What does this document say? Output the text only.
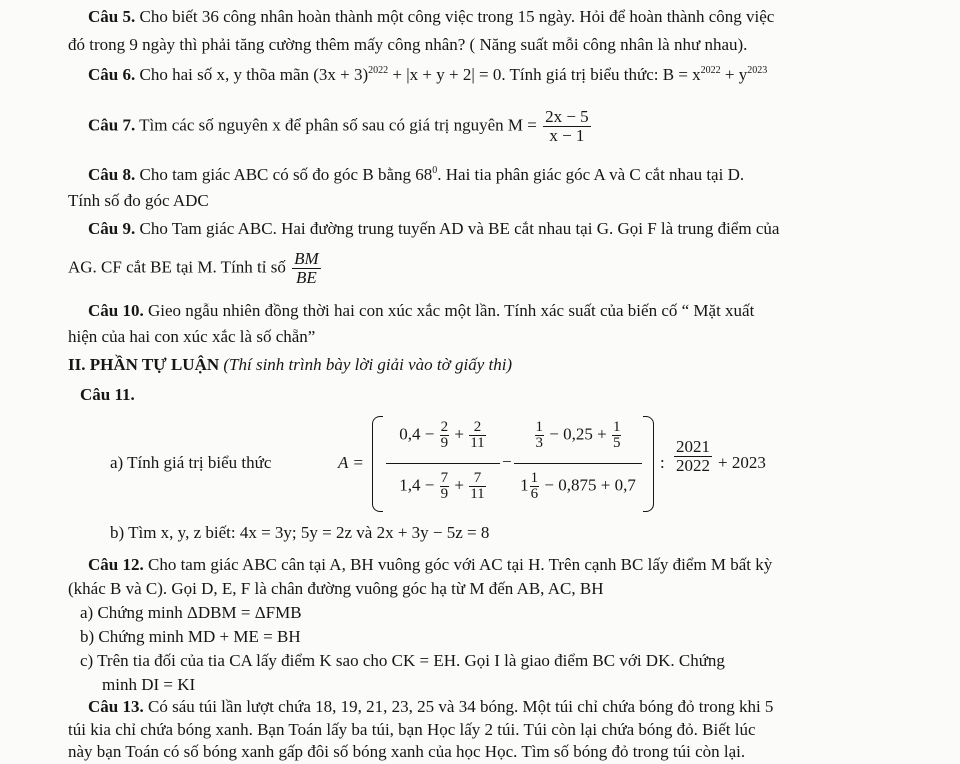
Câu 5. Cho biết 36 công nhân hoàn thành một công việc trong 15 ngày. Hỏi để hoàn thành công việc
đó trong 9 ngày thì phải tăng cường thêm mấy công nhân? ( Năng suất mỗi công nhân là như nhau).
Câu 6. Cho hai số x, y thõa mãn $(3x + 3)^{2022} + |x + y + 2| = 0$. Tính giá trị biểu thức: $B = x^{2022} + y^{2023}$
Câu 7. Tìm các số nguyên x để phân số sau có giá trị nguyên $M = \frac{2x - 5}{x - 1}$
Câu 8. Cho tam giác ABC có số đo góc B bằng $68^0$. Hai tia phân giác góc A và C cắt nhau tại D.
Tính số đo góc ADC
Câu 9. Cho Tam giác ABC. Hai đường trung tuyến AD và BE cắt nhau tại G. Gọi F là trung điểm của
AG. CF cắt BE tại M. Tính tỉ số $\frac{BM}{BE}$
Câu 10. Gieo ngẫu nhiên đồng thời hai con xúc xắc một lần. Tính xác suất của biến cố “ Mặt xuất
hiện của hai con xúc xắc là số chẵn”
II. PHẦN TỰ LUẬN (Thí sinh trình bày lời giải vào tờ giấy thi)
Câu 11.
a) Tính giá trị biểu thức	A =
$0,4 - \frac{2}{9} + \frac{2}{11}$
$1,4 - \frac{7}{9} + \frac{7}{11}$
−
$\frac{1}{3} - 0,25 + \frac{1}{5}$
$1 \frac{1}{6} - 0,875 + 0,7$
: $\frac{2021}{2022} + 2023$
b) Tìm x, y, z biết: 4x = 3y; 5y = 2z và 2x + 3y − 5z = 8
Câu 12. Cho tam giác ABC cân tại A, BH vuông góc với AC tại H. Trên cạnh BC lấy điểm M bất kỳ
(khác B và C). Gọi D, E, F là chân đường vuông góc hạ từ M đến AB, AC, BH
a) Chứng minh ΔDBM = ΔFMB
b) Chứng minh MD + ME = BH
c) Trên tia đối của tia CA lấy điểm K sao cho CK = EH. Gọi I là giao điểm BC với DK. Chứng
minh DI = KI
Câu 13. Có sáu túi lần lượt chứa 18, 19, 21, 23, 25 và 34 bóng. Một túi chỉ chứa bóng đỏ trong khi 5
túi kia chỉ chứa bóng xanh. Bạn Toán lấy ba túi, bạn Học lấy 2 túi. Túi còn lại chứa bóng đỏ. Biết lúc
này bạn Toán có số bóng xanh gấp đôi số bóng xanh của học Học. Tìm số bóng đỏ trong túi còn lại.
